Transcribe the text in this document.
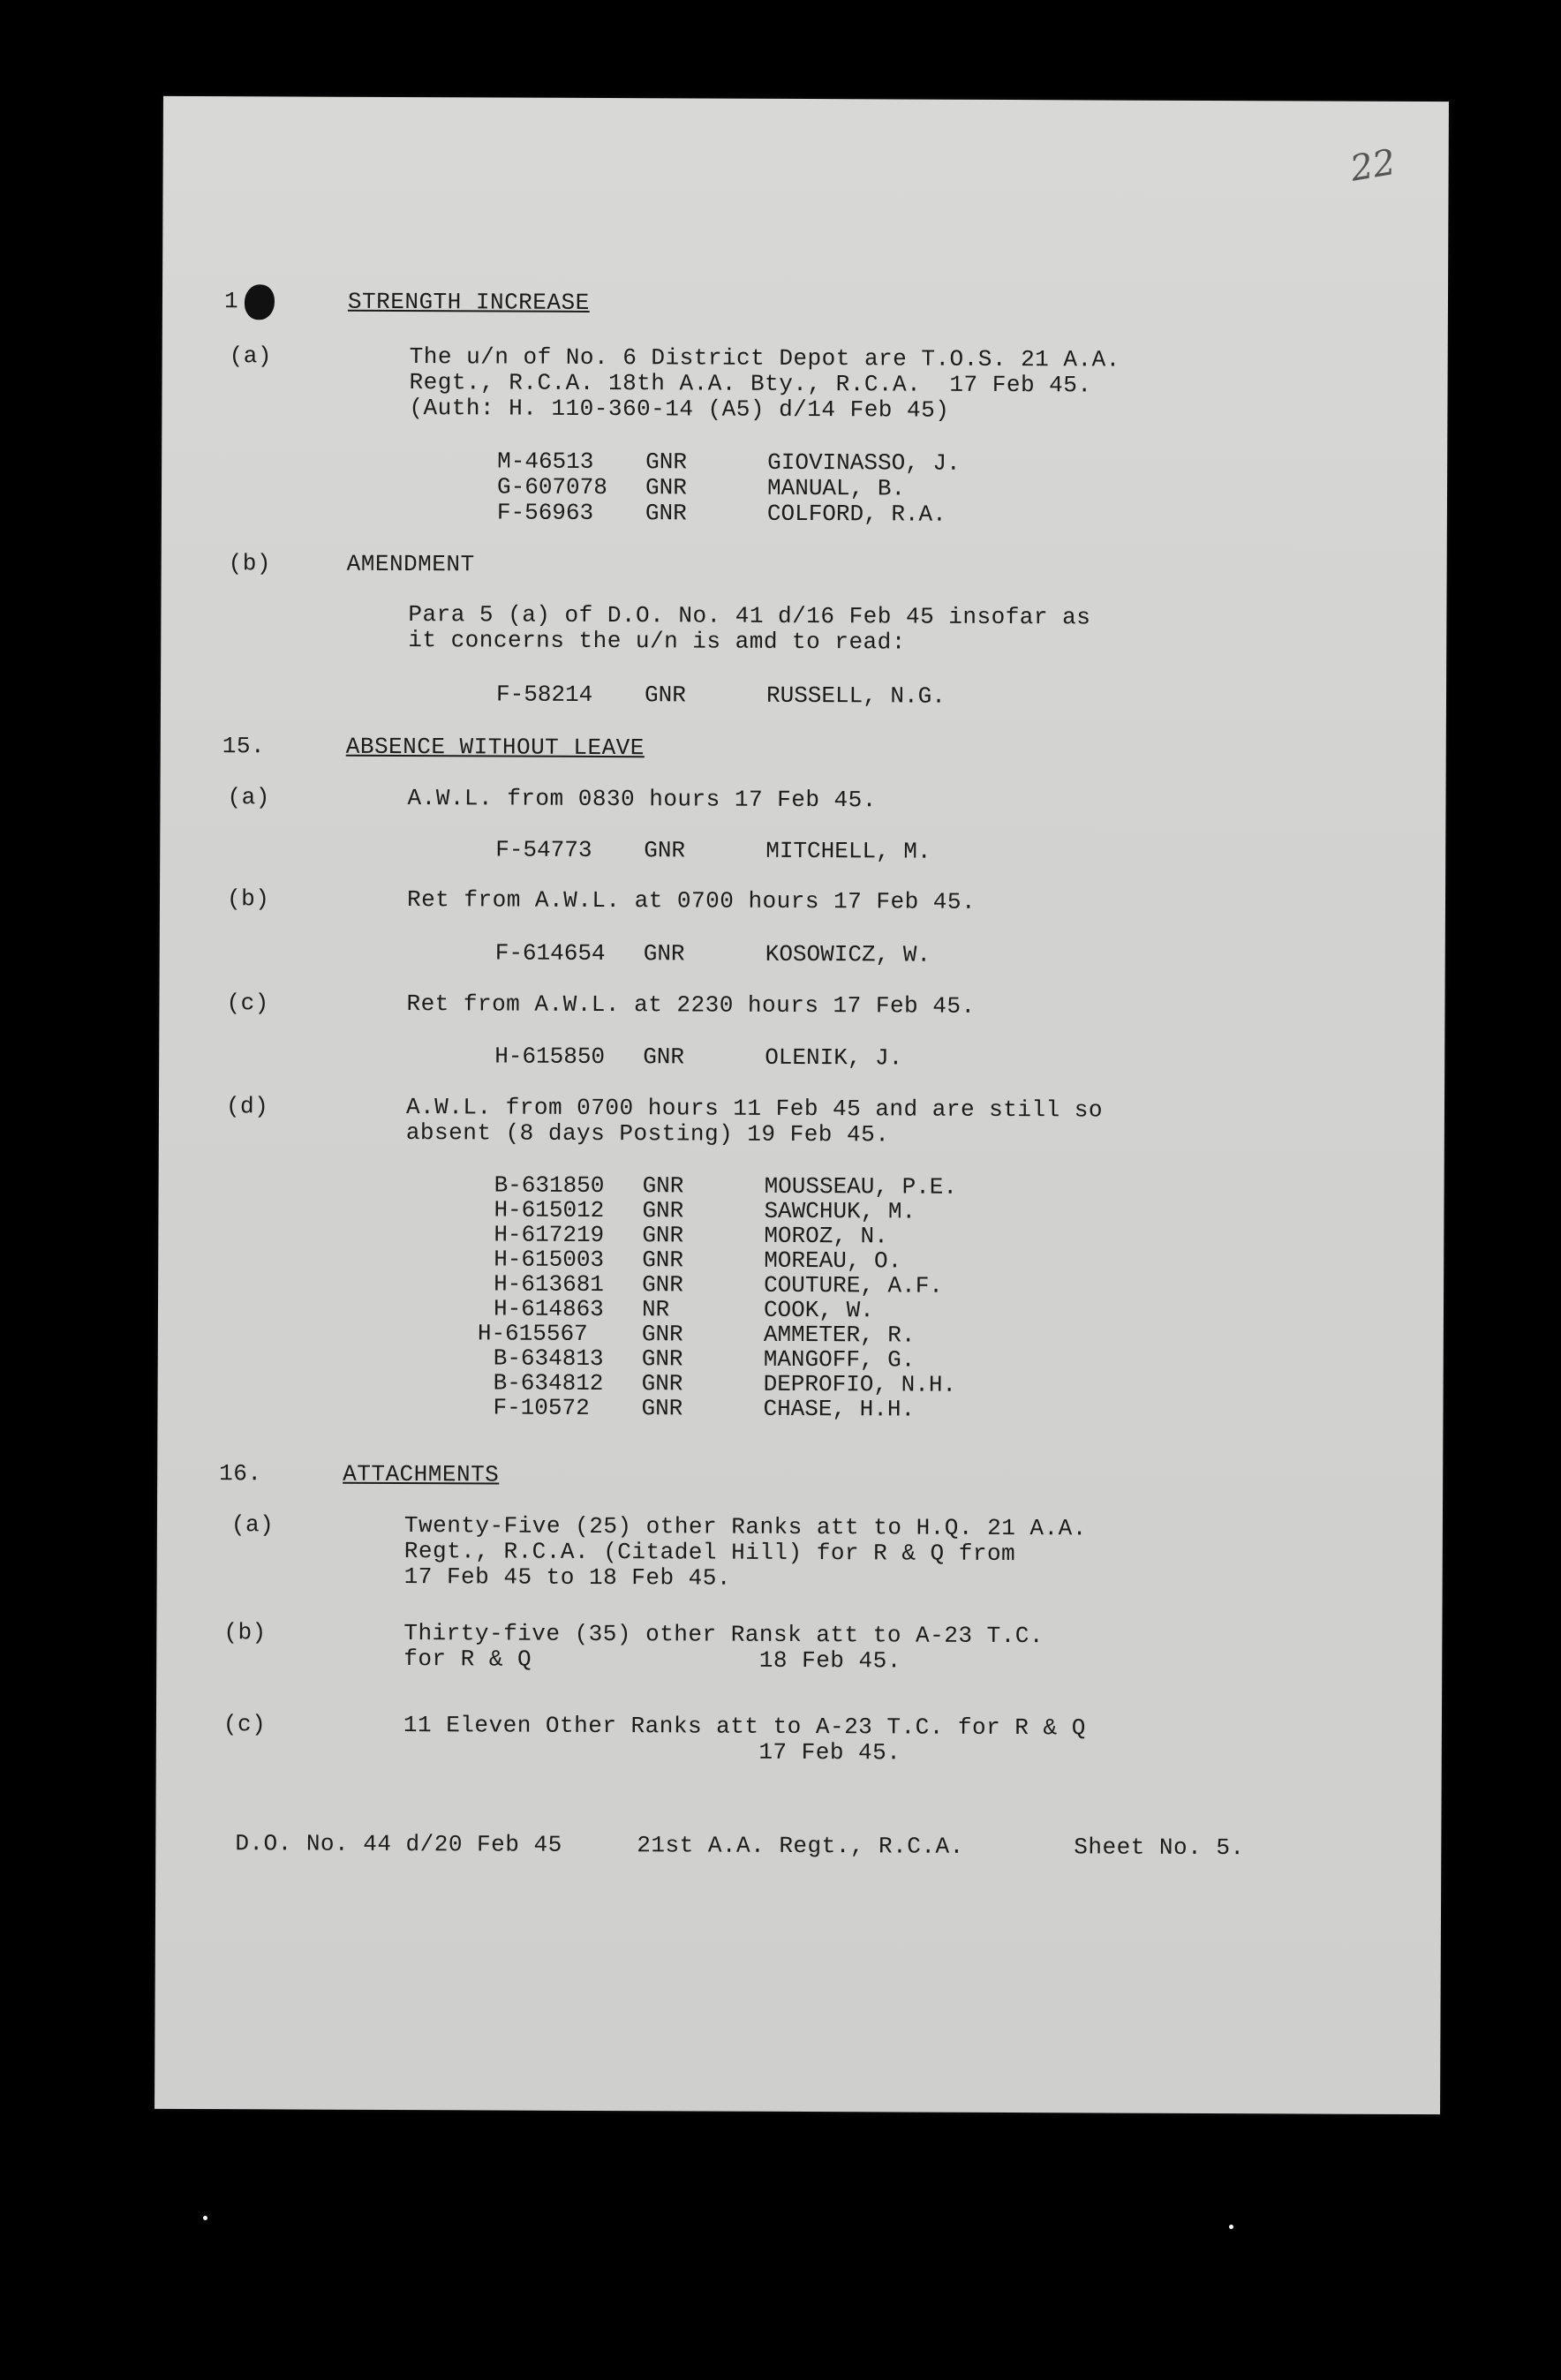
22
1	STRENGTH INCREASE
(a)	The u/n of No. 6 District Depot are T.O.S. 21 A.A.
Regt., R.C.A. 18th A.A. Bty., R.C.A.  17 Feb 45.
(Auth: H. 110-360-14 (A5) d/14 Feb 45)
M-46513 GNR	GIOVINASSO, J.
G-607078 GNR	MANUAL, B.
F-56963 GNR	COLFORD, R.A.
(b)	AMENDMENT
Para 5 (a) of D.O. No. 41 d/16 Feb 45 insofar as
it concerns the u/n is amd to read:
F-58214 GNR	RUSSELL, N.G.
15.	ABSENCE WITHOUT LEAVE
(a)	A.W.L. from 0830 hours 17 Feb 45.
F-54773 GNR	MITCHELL, M.
(b)	Ret from A.W.L. at 0700 hours 17 Feb 45.
F-614654 GNR	KOSOWICZ, W.
(c)	Ret from A.W.L. at 2230 hours 17 Feb 45.
H-615850 GNR	OLENIK, J.
(d)	A.W.L. from 0700 hours 11 Feb 45 and are still so
absent (8 days Posting) 19 Feb 45.
B-631850 GNR	MOUSSEAU, P.E.
H-615012 GNR	SAWCHUK, M.
H-617219 GNR	MOROZ, N.
H-615003 GNR	MOREAU, O.
H-613681 GNR	COUTURE, A.F.
H-614863 NR	COOK, W.
H-615567 GNR	AMMETER, R.
B-634813 GNR	MANGOFF, G.
B-634812 GNR	DEPROFIO, N.H.
F-10572 GNR	CHASE, H.H.
16.	ATTACHMENTS
(a)	Twenty-Five (25) other Ranks att to H.Q. 21 A.A.
Regt., R.C.A. (Citadel Hill) for R & Q from
17 Feb 45 to 18 Feb 45.
(b)	Thirty-five (35) other Ransk att to A-23 T.C.
for R & Q                18 Feb 45.
(c)	11 Eleven Other Ranks att to A-23 T.C. for R & Q
17 Feb 45.
D.O. No. 44 d/20 Feb 45	21st A.A. Regt., R.C.A.	Sheet No. 5.
